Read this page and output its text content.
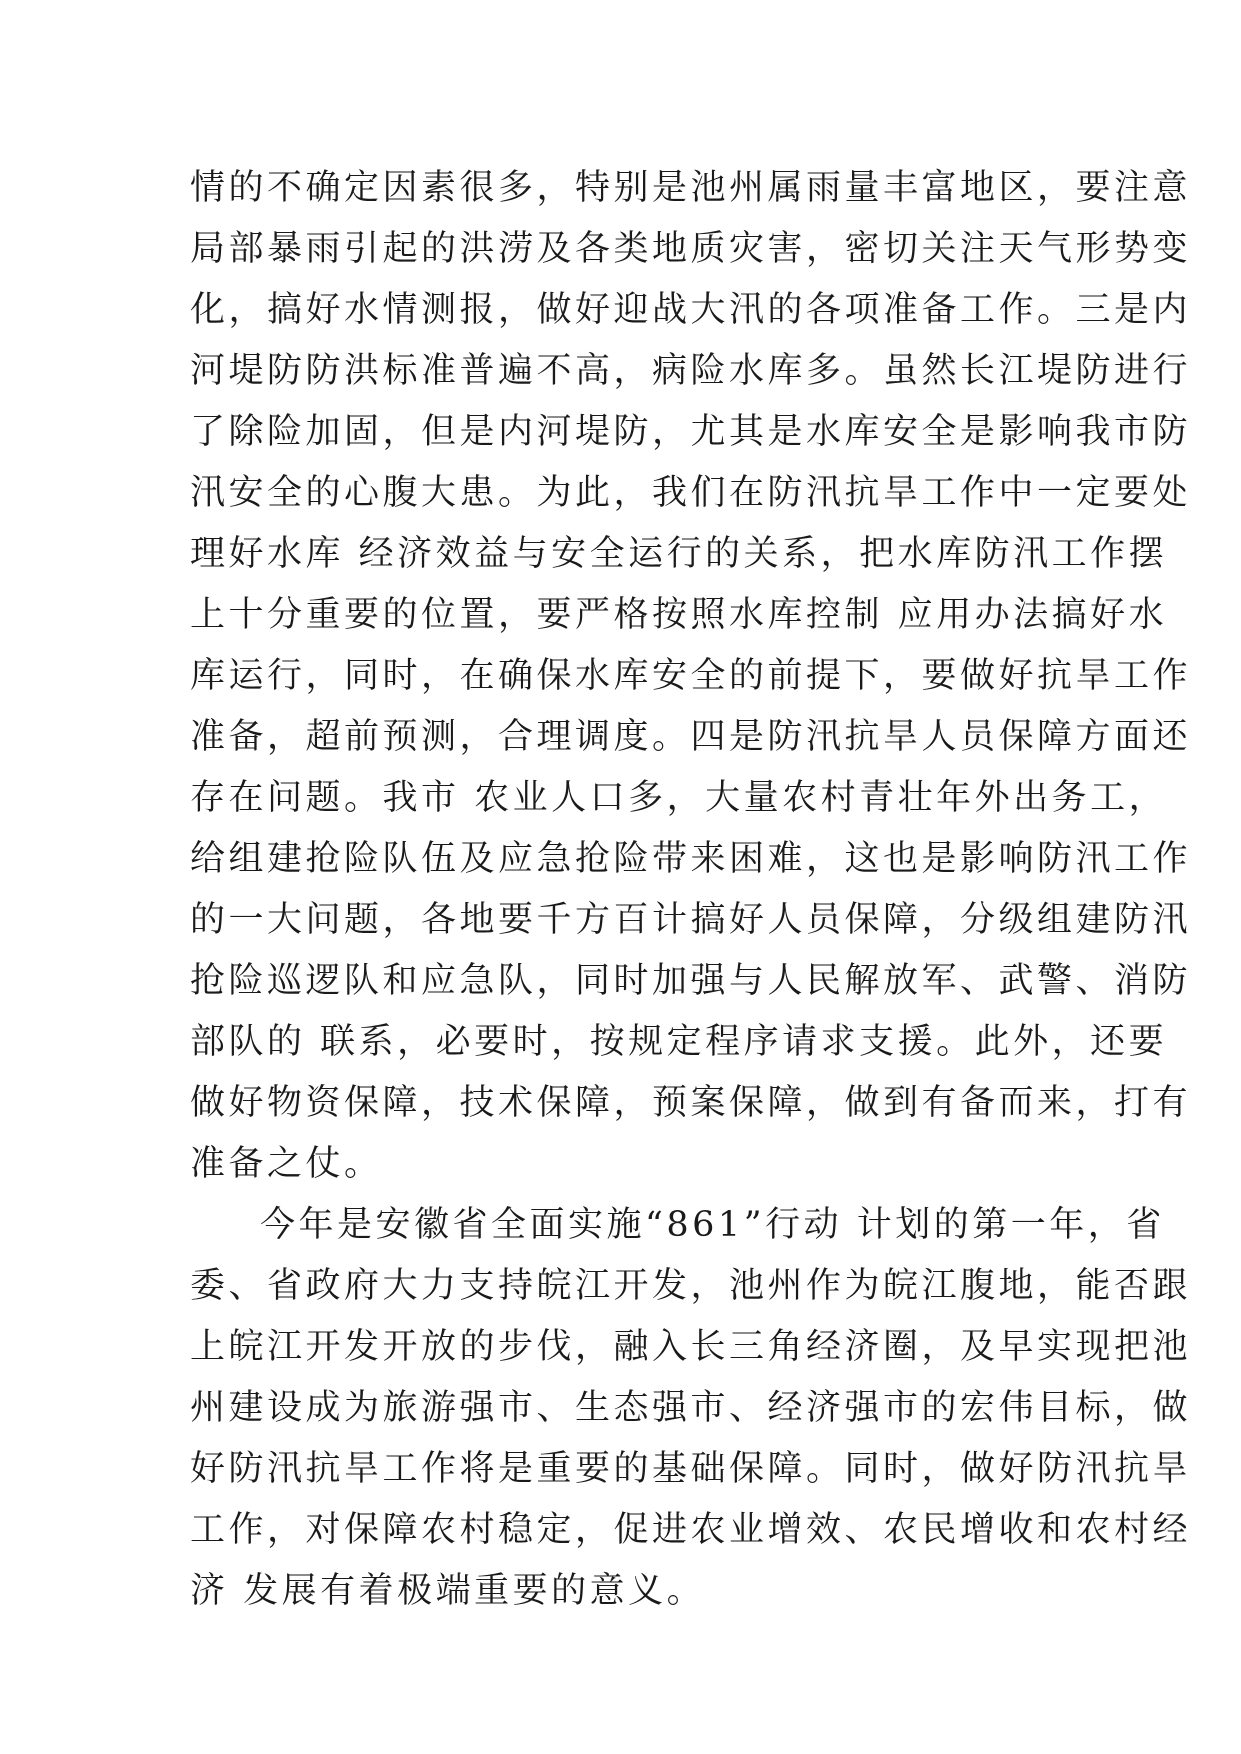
情的不确定因素很多，特别是池州属雨量丰富地区，要注意
局部暴雨引起的洪涝及各类地质灾害，密切关注天气形势变
化，搞好水情测报，做好迎战大汛的各项准备工作。三是内
河堤防防洪标准普遍不高，病险水库多。虽然长江堤防进行
了除险加固，但是内河堤防，尤其是水库安全是影响我市防
汛安全的心腹大患。为此，我们在防汛抗旱工作中一定要处
理好水库 经济效益与安全运行的关系，把水库防汛工作摆
上十分重要的位置，要严格按照水库控制 应用办法搞好水
库运行，同时，在确保水库安全的前提下，要做好抗旱工作
准备，超前预测，合理调度。四是防汛抗旱人员保障方面还
存在问题。我市 农业人口多，大量农村青壮年外出务工，
给组建抢险队伍及应急抢险带来困难，这也是影响防汛工作
的一大问题，各地要千方百计搞好人员保障，分级组建防汛
抢险巡逻队和应急队，同时加强与人民解放军、武警、消防
部队的 联系，必要时，按规定程序请求支援。此外，还要
做好物资保障，技术保障，预案保障，做到有备而来，打有
准备之仗。
今年是安徽省全面实施“861”行动 计划的第一年，省
委、省政府大力支持皖江开发，池州作为皖江腹地，能否跟
上皖江开发开放的步伐，融入长三角经济圈，及早实现把池
州建设成为旅游强市、生态强市、经济强市的宏伟目标，做
好防汛抗旱工作将是重要的基础保障。同时，做好防汛抗旱
工作，对保障农村稳定，促进农业增效、农民增收和农村经
济 发展有着极端重要的意义。
